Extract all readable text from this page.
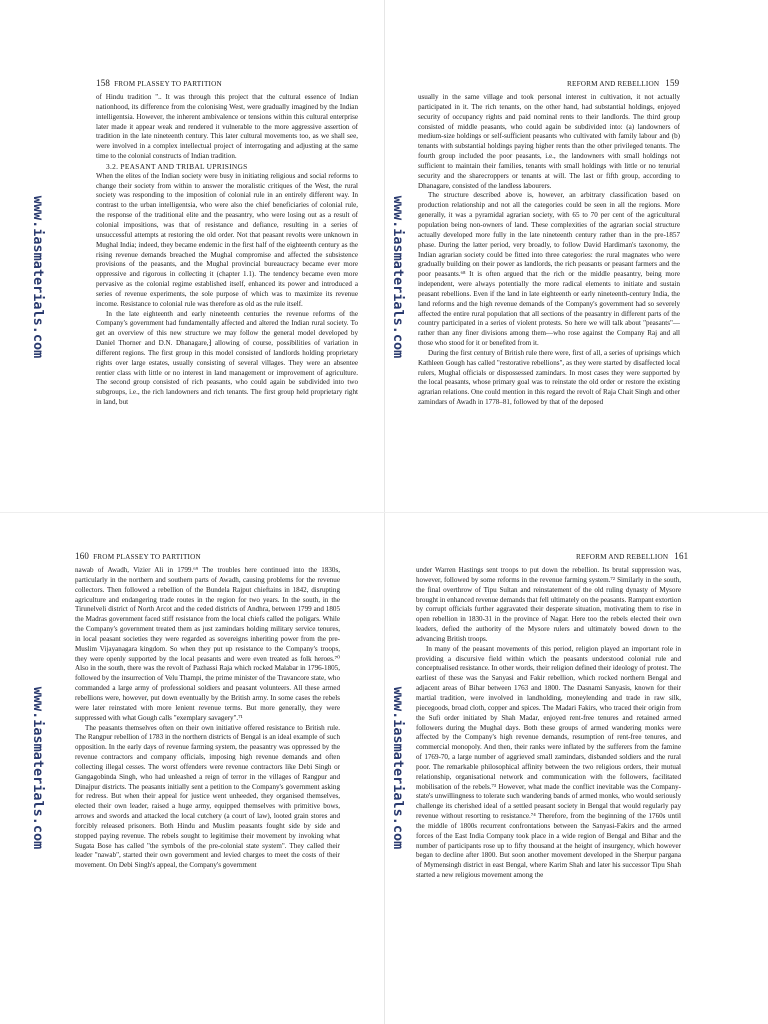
158 FROM PLASSEY TO PARTITION

of Hindu tradition ".. It was through this project that the cultural essence of Indian nationhood, its difference from the colonising West, were gradually imagined by the Indian intelligentsia. However, the inherent ambivalence or tensions within this cultural enterprise later made it appear weak and rendered it vulnerable to the more aggressive assertion of tradition in the late nineteenth century. This later cultural movements too, as we shall see, were involved in a complex intellectual project of interrogating and adjusting at the same time to the colonial constructs of Indian tradition.

3.2. PEASANT AND TRIBAL UPRISINGS

When the elites of the Indian society were busy in initiating religious and social reforms to change their society from within to answer the moralistic critiques of the West, the rural society was responding to the imposition of colonial rule in an entirely different way. In contrast to the urban intelligentsia, who were also the chief beneficiaries of colonial rule, the response of the traditional elite and the peasantry, who were losing out as a result of colonial impositions, was that of resistance and defiance, resulting in a series of unsuccessful attempts at restoring the old order. Not that peasant revolts were unknown in Mughal India; indeed, they became endemic in the first half of the eighteenth century as the rising revenue demands breached the Mughal compromise and affected the subsistence provisions of the peasants, and the Mughal provincial bureaucracy became ever more oppressive and rigorous in collecting it (chapter 1.1). The tendency became even more pervasive as the colonial regime established itself, enhanced its power and introduced a series of revenue experiments, the sole purpose of which was to maximize its revenue income. Resistance to colonial rule was therefore as old as the rule itself.

In the late eighteenth and early nineteenth centuries the revenue reforms of the Company's government had fundamentally affected and altered the Indian rural society. To get an overview of this new structure we may follow the general model developed by Daniel Thorner and D.N. Dhanagare,⁆ allowing of course, possibilities of variation in different regions. The first group in this model consisted of landlords holding proprietary rights over large estates, usually consisting of several villages. They were an absentee rentier class with little or no interest in land management or improvement of agriculture. The second group consisted of rich peasants, who could again be subdivided into two subgroups, i.e., the rich landowners and rich tenants. The first group held proprietary right in land, but

www.iasmaterials.com
REFORM AND REBELLION 159

usually in the same village and took personal interest in cultivation, it not actually participated in it. The rich tenants, on the other hand, had substantial holdings, enjoyed security of occupancy rights and paid nominal rents to their landlords. The third group consisted of middle peasants, who could again be subdivided into: (a) landowners of medium-size holdings or self-sufficient peasants who cultivated with family labour and (b) tenants with substantial holdings paying higher rents than the other privileged tenants. The fourth group included the poor peasants, i.e., the landowners with small holdings not sufficient to maintain their families, tenants with small holdings with little or no tenurial security and the sharecroppers or tenants at will. The last or fifth group, according to Dhanagare, consisted of the landless labourers.

The structure described above is, however, an arbitrary classification based on production relationship and not all the categories could be seen in all the regions. More generally, it was a pyramidal agrarian society, with 65 to 70 per cent of the agricultural population being non-owners of land. These complexities of the agrarian social structure actually developed more fully in the late nineteenth century rather than in the pre-1857 phase. During the latter period, very broadly, to follow David Hardiman's taxonomy, the Indian agrarian society could be fitted into three categories: the rural magnates who were gradually building on their power as landlords, the rich peasants or peasant farmers and the poor peasants.⁶⁸ It is often argued that the rich or the middle peasantry, being more independent, were always potentially the more radical elements to initiate and sustain peasant rebellions. Even if the land in late eighteenth or early nineteenth-century India, the land reforms and the high revenue demands of the Company's government had so severely affected the entire rural population that all sections of the peasantry in different parts of the country participated in a series of violent protests. So here we will talk about "peasants"—rather than any finer divisions among them—who rose against the Company Raj and all those who stood for it or benefited from it.

During the first century of British rule there were, first of all, a series of uprisings which Kathleen Gough has called "restorative rebellions", as they were started by disaffected local rulers, Mughal officials or dispossessed zamindars. In most cases they were supported by the local peasants, whose primary goal was to reinstate the old order or restore the existing agrarian relations. One could mention in this regard the revolt of Raja Chait Singh and other zamindars of Awadh in 1778–81, followed by that of the deposed

www.iasmaterials.com
160 FROM PLASSEY TO PARTITION

nawab of Awadh, Vizier Ali in 1799.⁶⁹ The troubles here continued into the 1830s, particularly in the northern and southern parts of Awadh, causing problems for the revenue collectors. Then followed a rebellion of the Bundela Rajput chieftains in 1842, disrupting agriculture and endangering trade routes in the region for two years. In the south, in the Tirunelveli district of North Arcot and the ceded districts of Andhra, between 1799 and 1805 the Madras government faced stiff resistance from the local chiefs called the poligars. While the Company's government treated them as just zamindars holding military service tenures, in local peasant societies they were regarded as sovereigns inheriting power from the pre-Muslim Vijayanagara kingdom. So when they put up resistance to the Company's troops, they were openly supported by the local peasants and were even treated as folk heroes.⁷⁰ Also in the south, there was the revolt of Pazhassi Raja which rocked Malabar in 1796-1805, followed by the insurrection of Velu Thampi, the prime minister of the Travancore state, who commanded a large army of professional soldiers and peasant volunteers. All these armed rebellions were, however, put down eventually by the British army. In some cases the rebels were later reinstated with more lenient revenue terms. But more generally, they were suppressed with what Gough calls "exemplary savagery".⁷¹

The peasants themselves often on their own initiative offered resistance to British rule. The Rangpur rebellion of 1783 in the northern districts of Bengal is an ideal example of such opposition. In the early days of revenue farming system, the peasantry was oppressed by the revenue contractors and company officials, imposing high revenue demands and often collecting illegal cesses. The worst offenders were revenue contractors like Debi Singh or Gangagobinda Singh, who had unleashed a reign of terror in the villages of Rangpur and Dinajpur districts. The peasants initially sent a petition to the Company's government asking for redress. But when their appeal for justice went unheeded, they organised themselves, elected their own leader, raised a huge army, equipped themselves with primitive bows, arrows and swords and attacked the local cutchery (a court of law), looted grain stores and forcibly released prisoners. Both Hindu and Muslim peasants fought side by side and stopped paying revenue. The rebels sought to legitimise their movement by invoking what Sugata Bose has called "the symbols of the pre-colonial state system". They called their leader "nawab", started their own government and levied charges to meet the costs of their movement. On Debi Singh's appeal, the Company's government

www.iasmaterials.com
REFORM AND REBELLION 161

under Warren Hastings sent troops to put down the rebellion. Its brutal suppression was, however, followed by some reforms in the revenue farming system.⁷² Similarly in the south, the final overthrow of Tipu Sultan and reinstatement of the old ruling dynasty of Mysore brought in enhanced revenue demands that fell ultimately on the peasants. Rampant extortion by corrupt officials further aggravated their desperate situation, motivating them to rise in open rebellion in 1830-31 in the province of Nagar. Here too the rebels elected their own leaders, defied the authority of the Mysore rulers and ultimately bowed down to the advancing British troops.

In many of the peasant movements of this period, religion played an important role in providing a discursive field within which the peasants understood colonial rule and conceptualised resistance. In other words, their religion defined their ideology of protest. The earliest of these was the Sanyasi and Fakir rebellion, which rocked northern Bengal and adjacent areas of Bihar between 1763 and 1800. The Dasnami Sanyasis, known for their martial tradition, were involved in landholding, moneylending and trade in raw silk, piecegoods, broad cloth, copper and spices. The Madari Fakirs, who traced their origin from the Sufi order initiated by Shah Madar, enjoyed rent-free tenures and retained armed followers during the Mughal days. Both these groups of armed wandering monks were affected by the Company's high revenue demands, resumption of rent-free tenures, and commercial monopoly. And then, their ranks were inflated by the sufferers from the famine of 1769-70, a large number of aggrieved small zamindars, disbanded soldiers and the rural poor. The remarkable philosophical affinity between the two religious orders, their mutual relationship, organisational network and communication with the followers, facilitated mobilisation of the rebels.⁷³ However, what made the conflict inevitable was the Company-state's unwillingness to tolerate such wandering bands of armed monks, who would seriously challenge its cherished ideal of a settled peasant society in Bengal that would regularly pay revenue without resorting to resistance.⁷⁴ Therefore, from the beginning of the 1760s until the middle of 1800s recurrent confrontations between the Sanyasi-Fakirs and the armed forces of the East India Company took place in a wide region of Bengal and Bihar and the number of participants rose up to fifty thousand at the height of insurgency, which however began to decline after 1800. But soon another movement developed in the Sherpur pargana of Mymensingh district in east Bengal, where Karim Shah and later his successor Tipu Shah started a new religious movement among the

www.iasmaterials.com
